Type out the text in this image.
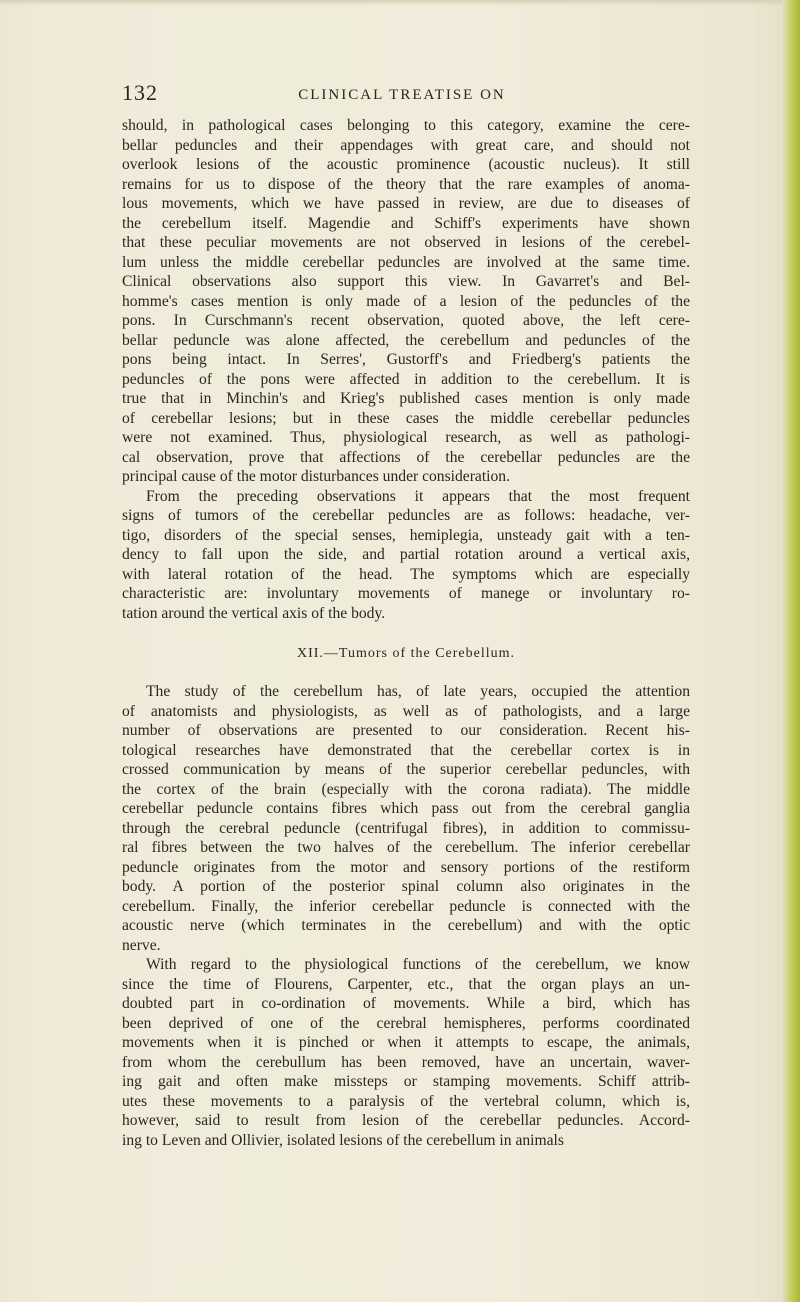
132	CLINICAL TREATISE ON
should, in pathological cases belonging to this category, examine the cere-
bellar peduncles and their appendages with great care, and should not
overlook lesions of the acoustic prominence (acoustic nucleus). It still
remains for us to dispose of the theory that the rare examples of anoma-
lous movements, which we have passed in review, are due to diseases of
the cerebellum itself. Magendie and Schiff's experiments have shown
that these peculiar movements are not observed in lesions of the cerebel-
lum unless the middle cerebellar peduncles are involved at the same time.
Clinical observations also support this view. In Gavarret's and Bel-
homme's cases mention is only made of a lesion of the peduncles of the
pons. In Curschmann's recent observation, quoted above, the left cere-
bellar peduncle was alone affected, the cerebellum and peduncles of the
pons being intact. In Serres', Gustorff's and Friedberg's patients the
peduncles of the pons were affected in addition to the cerebellum. It is
true that in Minchin's and Krieg's published cases mention is only made
of cerebellar lesions; but in these cases the middle cerebellar peduncles
were not examined. Thus, physiological research, as well as pathologi-
cal observation, prove that affections of the cerebellar peduncles are the
principal cause of the motor disturbances under consideration.
From the preceding observations it appears that the most frequent
signs of tumors of the cerebellar peduncles are as follows: headache, ver-
tigo, disorders of the special senses, hemiplegia, unsteady gait with a ten-
dency to fall upon the side, and partial rotation around a vertical axis,
with lateral rotation of the head. The symptoms which are especially
characteristic are: involuntary movements of manege or involuntary ro-
tation around the vertical axis of the body.
XII.—Tumors of the Cerebellum.
The study of the cerebellum has, of late years, occupied the attention
of anatomists and physiologists, as well as of pathologists, and a large
number of observations are presented to our consideration. Recent his-
tological researches have demonstrated that the cerebellar cortex is in
crossed communication by means of the superior cerebellar peduncles, with
the cortex of the brain (especially with the corona radiata). The middle
cerebellar peduncle contains fibres which pass out from the cerebral ganglia
through the cerebral peduncle (centrifugal fibres), in addition to commissu-
ral fibres between the two halves of the cerebellum. The inferior cerebellar
peduncle originates from the motor and sensory portions of the restiform
body. A portion of the posterior spinal column also originates in the
cerebellum. Finally, the inferior cerebellar peduncle is connected with the
acoustic nerve (which terminates in the cerebellum) and with the optic
nerve.
With regard to the physiological functions of the cerebellum, we know
since the time of Flourens, Carpenter, etc., that the organ plays an un-
doubted part in co-ordination of movements. While a bird, which has
been deprived of one of the cerebral hemispheres, performs coordinated
movements when it is pinched or when it attempts to escape, the animals,
from whom the cerebullum has been removed, have an uncertain, waver-
ing gait and often make missteps or stamping movements. Schiff attrib-
utes these movements to a paralysis of the vertebral column, which is,
however, said to result from lesion of the cerebellar peduncles. Accord-
ing to Leven and Ollivier, isolated lesions of the cerebellum in animals
